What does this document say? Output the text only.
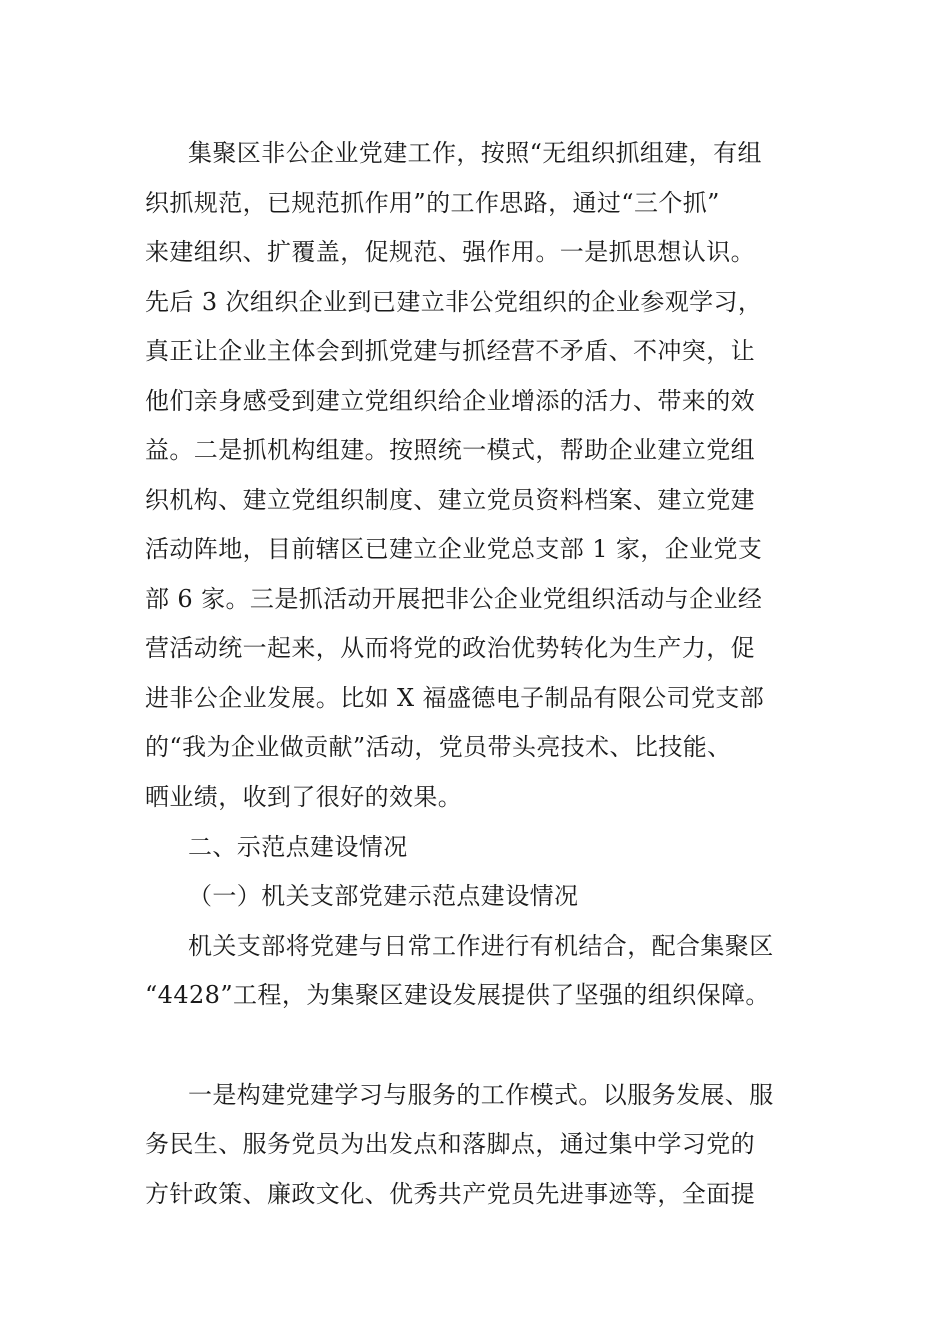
集聚区非公企业党建工作，按照“无组织抓组建，有组
织抓规范，已规范抓作用”的工作思路，通过“三个抓”
来建组织、扩覆盖，促规范、强作用。一是抓思想认识。
先后 3 次组织企业到已建立非公党组织的企业参观学习，
真正让企业主体会到抓党建与抓经营不矛盾、不冲突，让
他们亲身感受到建立党组织给企业增添的活力、带来的效
益。二是抓机构组建。按照统一模式，帮助企业建立党组
织机构、建立党组织制度、建立党员资料档案、建立党建
活动阵地，目前辖区已建立企业党总支部 1 家，企业党支
部 6 家。三是抓活动开展把非公企业党组织活动与企业经
营活动统一起来，从而将党的政治优势转化为生产力，促
进非公企业发展。比如 X 福盛德电子制品有限公司党支部
的“我为企业做贡献”活动，党员带头亮技术、比技能、
晒业绩，收到了很好的效果。
二、示范点建设情况
（一）机关支部党建示范点建设情况
机关支部将党建与日常工作进行有机结合，配合集聚区
“4428”工程，为集聚区建设发展提供了坚强的组织保障。
一是构建党建学习与服务的工作模式。以服务发展、服
务民生、服务党员为出发点和落脚点，通过集中学习党的
方针政策、廉政文化、优秀共产党员先进事迹等，全面提
